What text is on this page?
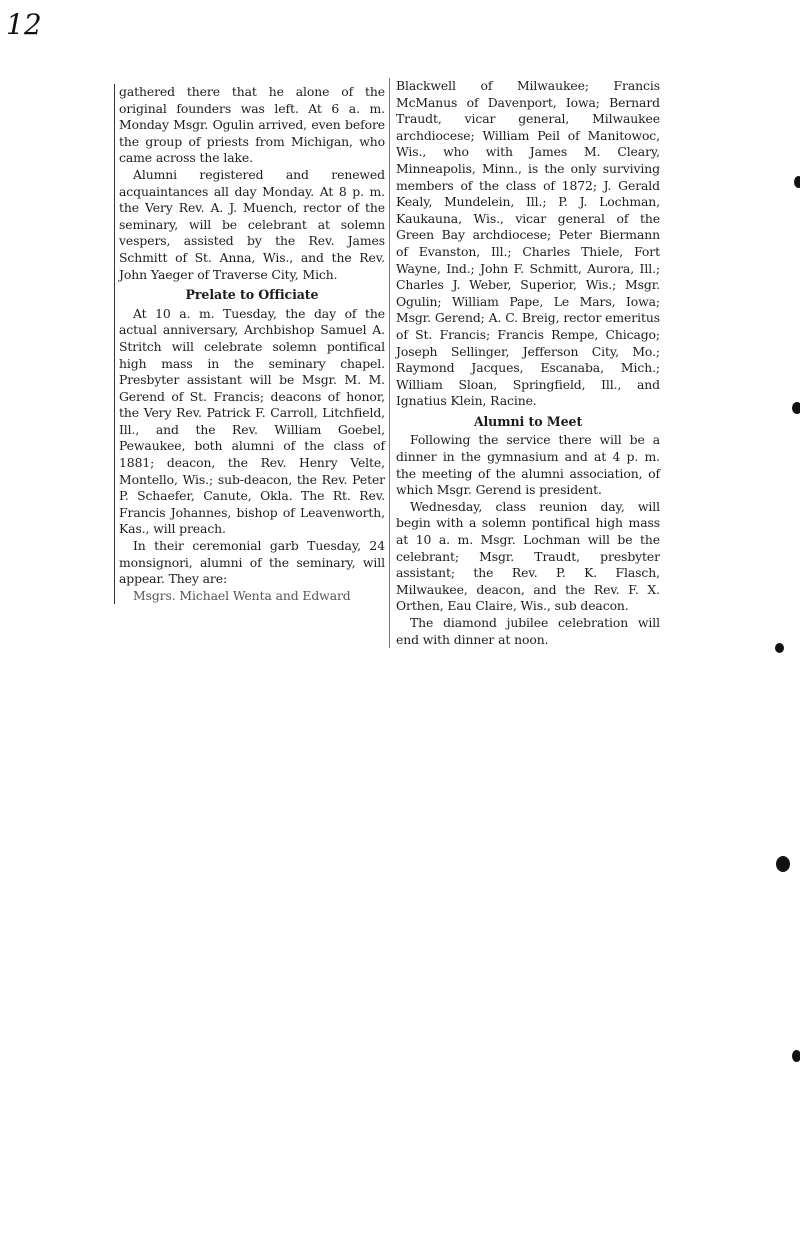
12

gathered there that he alone of the original founders was left. At 6 a. m. Monday Msgr. Ogulin arrived, even before the group of priests from Michigan, who came across the lake.

Alumni registered and renewed acquaintances all day Monday. At 8 p. m. the Very Rev. A. J. Muench, rector of the seminary, will be celebrant at solemn vespers, assisted by the Rev. James Schmitt of St. Anna, Wis., and the Rev. John Yaeger of Traverse City, Mich.

Prelate to Officiate

At 10 a. m. Tuesday, the day of the actual anniversary, Archbishop Samuel A. Stritch will celebrate solemn pontifical high mass in the seminary chapel. Presbyter assistant will be Msgr. M. M. Gerend of St. Francis; deacons of honor, the Very Rev. Patrick F. Carroll, Litchfield, Ill., and the Rev. William Goebel, Pewaukee, both alumni of the class of 1881; deacon, the Rev. Henry Velte, Montello, Wis.; sub-deacon, the Rev. Peter P. Schaefer, Canute, Okla. The Rt. Rev. Francis Johannes, bishop of Leavenworth, Kas., will preach.

In their ceremonial garb Tuesday, 24 monsignori, alumni of the seminary, will appear. They are:

Msgrs. Michael Wenta and Edward

Blackwell of Milwaukee; Francis McManus of Davenport, Iowa; Bernard Traudt, vicar general, Milwaukee archdiocese; William Peil of Manitowoc, Wis., who with James M. Cleary, Minneapolis, Minn., is the only surviving members of the class of 1872; J. Gerald Kealy, Mundelein, Ill.; P. J. Lochman, Kaukauna, Wis., vicar general of the Green Bay archdiocese; Peter Biermann of Evanston, Ill.; Charles Thiele, Fort Wayne, Ind.; John F. Schmitt, Aurora, Ill.; Charles J. Weber, Superior, Wis.; Msgr. Ogulin; William Pape, Le Mars, Iowa; Msgr. Gerend; A. C. Breig, rector emeritus of St. Francis; Francis Rempe, Chicago; Joseph Sellinger, Jefferson City, Mo.; Raymond Jacques, Escanaba, Mich.; William Sloan, Springfield, Ill., and Ignatius Klein, Racine.

Alumni to Meet

Following the service there will be a dinner in the gymnasium and at 4 p. m. the meeting of the alumni association, of which Msgr. Gerend is president.

Wednesday, class reunion day, will begin with a solemn pontifical high mass at 10 a. m. Msgr. Lochman will be the celebrant; Msgr. Traudt, presbyter assistant; the Rev. P. K. Flasch, Milwaukee, deacon, and the Rev. F. X. Orthen, Eau Claire, Wis., sub deacon.

The diamond jubilee celebration will end with dinner at noon.
